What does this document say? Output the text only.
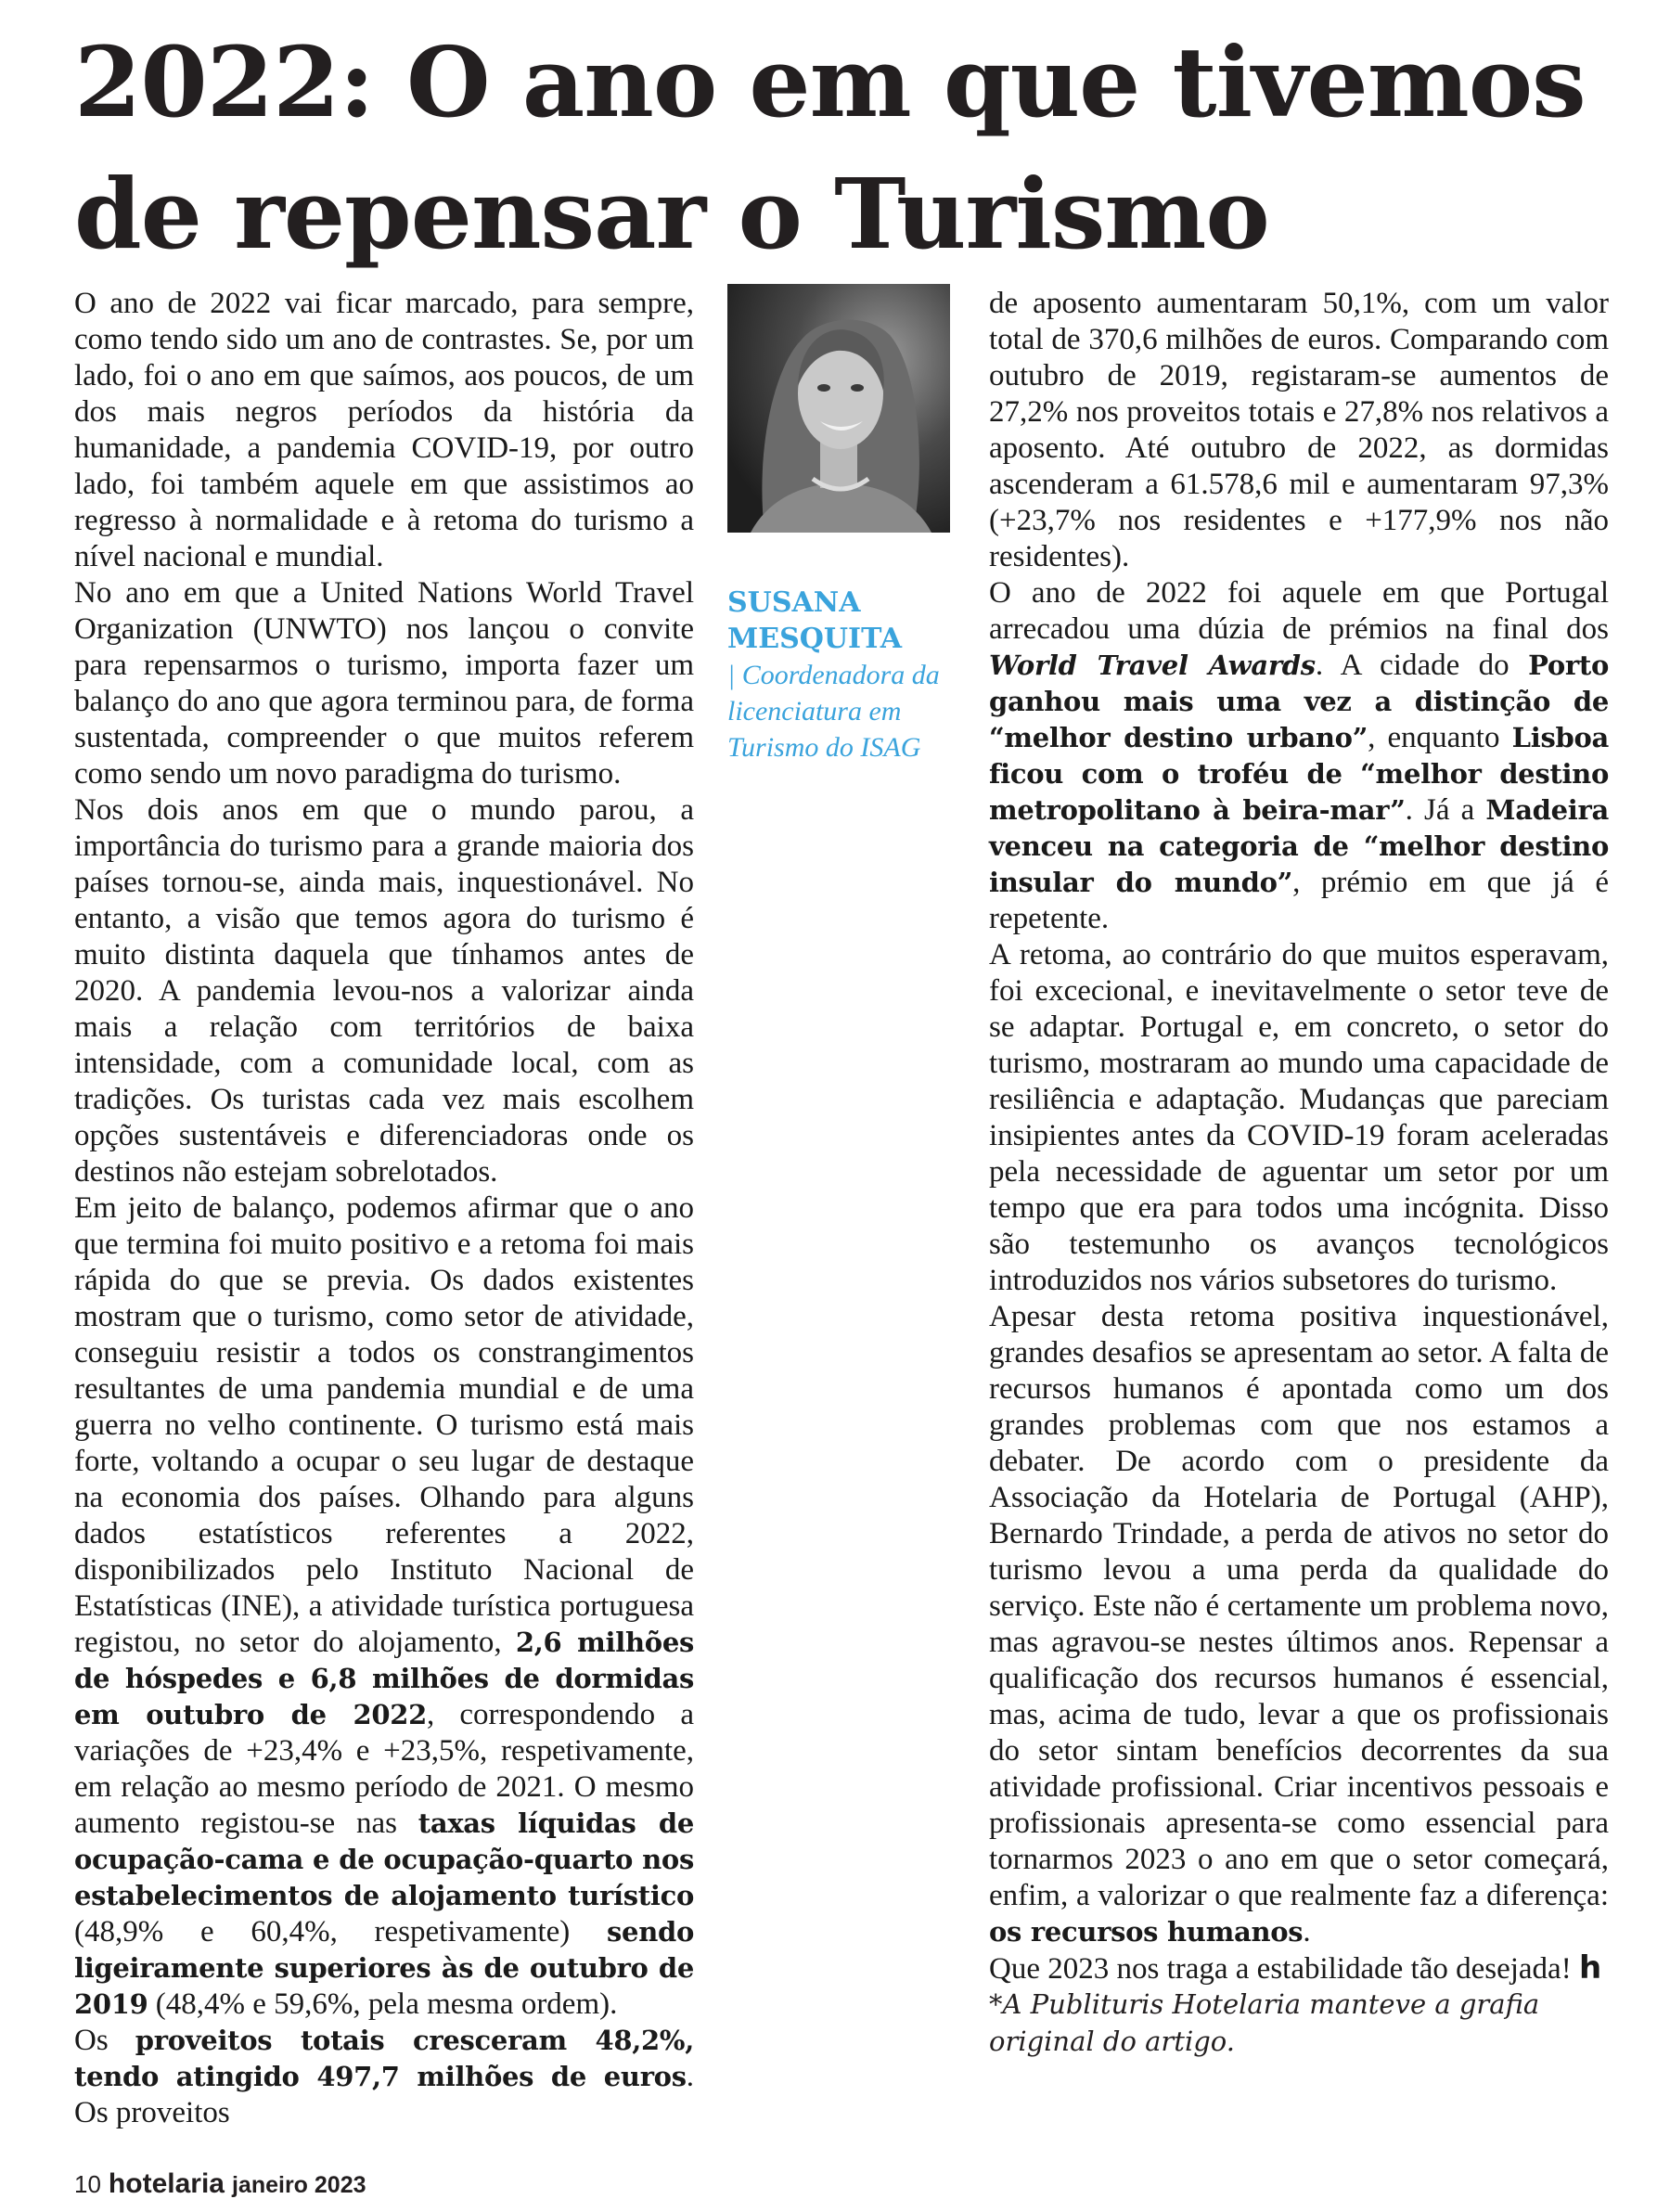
2022: O ano em que tivemos
de repensar o Turismo

O ano de 2022 vai ficar marcado, para sempre, como tendo sido um ano de contrastes. Se, por um lado, foi o ano em que saímos, aos poucos, de um dos mais negros períodos da história da humanidade, a pandemia COVID-19, por outro lado, foi também aquele em que assistimos ao regresso à normalidade e à retoma do turismo a nível nacional e mundial.

No ano em que a United Nations World Travel Organization (UNWTO) nos lançou o convite para repensarmos o turismo, importa fazer um balanço do ano que agora terminou para, de forma sustentada, compreender o que muitos referem como sendo um novo paradigma do turismo.

Nos dois anos em que o mundo parou, a importância do turismo para a grande maioria dos países tornou-se, ainda mais, inquestionável. No entanto, a visão que temos agora do turismo é muito distinta daquela que tínhamos antes de 2020. A pandemia levou-nos a valorizar ainda mais a relação com territórios de baixa intensidade, com a comunidade local, com as tradições. Os turistas cada vez mais escolhem opções sustentáveis e diferenciadoras onde os destinos não estejam sobrelotados.

Em jeito de balanço, podemos afirmar que o ano que termina foi muito positivo e a retoma foi mais rápida do que se previa. Os dados existentes mostram que o turismo, como setor de atividade, conseguiu resistir a todos os constrangimentos resultantes de uma pandemia mundial e de uma guerra no velho continente. O turismo está mais forte, voltando a ocupar o seu lugar de destaque na economia dos países. Olhando para alguns dados estatísticos referentes a 2022, disponibilizados pelo Instituto Nacional de Estatísticas (INE), a atividade turística portuguesa registou, no setor do alojamento, 2,6 milhões de hóspedes e 6,8 milhões de dormidas em outubro de 2022, correspondendo a variações de +23,4% e +23,5%, respetivamente, em relação ao mesmo período de 2021. O mesmo aumento registou-se nas taxas líquidas de ocupação-cama e de ocupação-quarto nos estabelecimentos de alojamento turístico (48,9% e 60,4%, respetivamente) sendo ligeiramente superiores às de outubro de 2019 (48,4% e 59,6%, pela mesma ordem).

Os proveitos totais cresceram 48,2%, tendo atingido 497,7 milhões de euros. Os proveitos

SUSANA

MESQUITA

| Coordenadora da licenciatura em Turismo do ISAG

de aposento aumentaram 50,1%, com um valor total de 370,6 milhões de euros. Comparando com outubro de 2019, registaram-se aumentos de 27,2% nos proveitos totais e 27,8% nos relativos a aposento. Até outubro de 2022, as dormidas ascenderam a 61.578,6 mil e aumentaram 97,3% (+23,7% nos residentes e +177,9% nos não residentes).

O ano de 2022 foi aquele em que Portugal arrecadou uma dúzia de prémios na final dos World Travel Awards. A cidade do Porto ganhou mais uma vez a distinção de “melhor destino urbano”, enquanto Lisboa ficou com o troféu de “melhor destino metropolitano à beira-mar”. Já a Madeira venceu na categoria de “melhor destino insular do mundo”, prémio em que já é repetente.

A retoma, ao contrário do que muitos esperavam, foi excecional, e inevitavelmente o setor teve de se adaptar. Portugal e, em concreto, o setor do turismo, mostraram ao mundo uma capacidade de resiliência e adaptação. Mudanças que pareciam insipientes antes da COVID-19 foram aceleradas pela necessidade de aguentar um setor por um tempo que era para todos uma incógnita. Disso são testemunho os avanços tecnológicos introduzidos nos vários subsetores do turismo.

Apesar desta retoma positiva inquestionável, grandes desafios se apresentam ao setor. A falta de recursos humanos é apontada como um dos grandes problemas com que nos estamos a debater. De acordo com o presidente da Associação da Hotelaria de Portugal (AHP), Bernardo Trindade, a perda de ativos no setor do turismo levou a uma perda da qualidade do serviço. Este não é certamente um problema novo, mas agravou-se nestes últimos anos. Repensar a qualificação dos recursos humanos é essencial, mas, acima de tudo, levar a que os profissionais do setor sintam benefícios decorrentes da sua atividade profissional. Criar incentivos pessoais e profissionais apresenta-se como essencial para tornarmos 2023 o ano em que o setor começará, enfim, a valorizar o que realmente faz a diferença: os recursos humanos.

Que 2023 nos traga a estabilidade tão desejada! h

*A Publituris Hotelaria manteve a grafia original do artigo.

10 hotelaria janeiro 2023
